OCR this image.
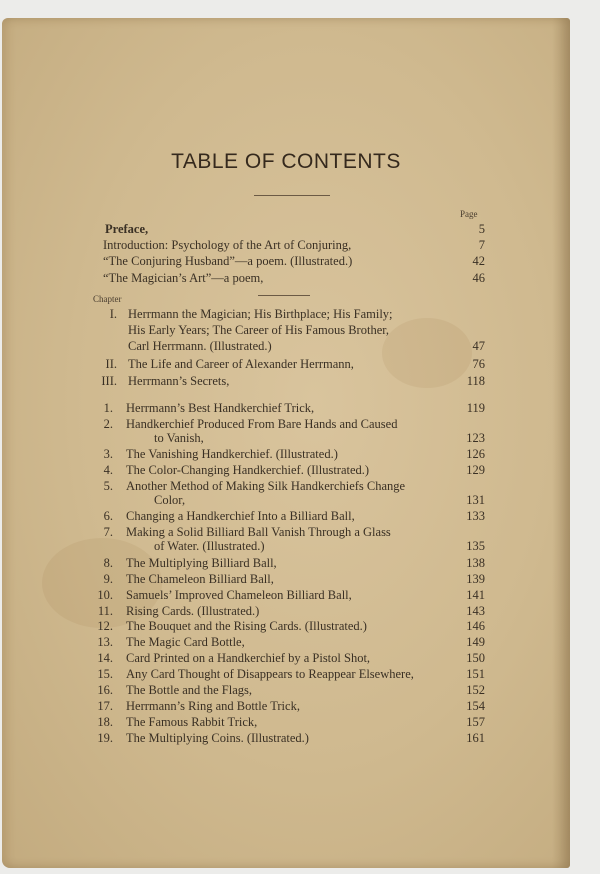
TABLE OF CONTENTS
Page
Chapter
Preface,	5
Introduction: Psychology of the Art of Conjuring,	7
“The Conjuring Husband”—a poem. (Illustrated.)	42
“The Magician’s Art”—a poem,	46
I. Herrmann the Magician; His Birthplace; His Family;
His Early Years; The Career of His Famous Brother,
Carl Herrmann. (Illustrated.)	47
II. The Life and Career of Alexander Herrmann,	76
III. Herrmann’s Secrets,	118
1. Herrmann’s Best Handkerchief Trick,	119
2. Handkerchief Produced From Bare Hands and Caused
to Vanish,	123
3. The Vanishing Handkerchief. (Illustrated.)	126
4. The Color-Changing Handkerchief. (Illustrated.)	129
5. Another Method of Making Silk Handkerchiefs Change
Color,	131
6. Changing a Handkerchief Into a Billiard Ball,	133
7. Making a Solid Billiard Ball Vanish Through a Glass
of Water. (Illustrated.)	135
8. The Multiplying Billiard Ball,	138
9. The Chameleon Billiard Ball,	139
10. Samuels’ Improved Chameleon Billiard Ball,	141
11. Rising Cards. (Illustrated.)	143
12. The Bouquet and the Rising Cards. (Illustrated.)	146
13. The Magic Card Bottle,	149
14. Card Printed on a Handkerchief by a Pistol Shot,	150
15. Any Card Thought of Disappears to Reappear Elsewhere,	151
16. The Bottle and the Flags,	152
17. Herrmann’s Ring and Bottle Trick,	154
18. The Famous Rabbit Trick,	157
19. The Multiplying Coins. (Illustrated.)	161
